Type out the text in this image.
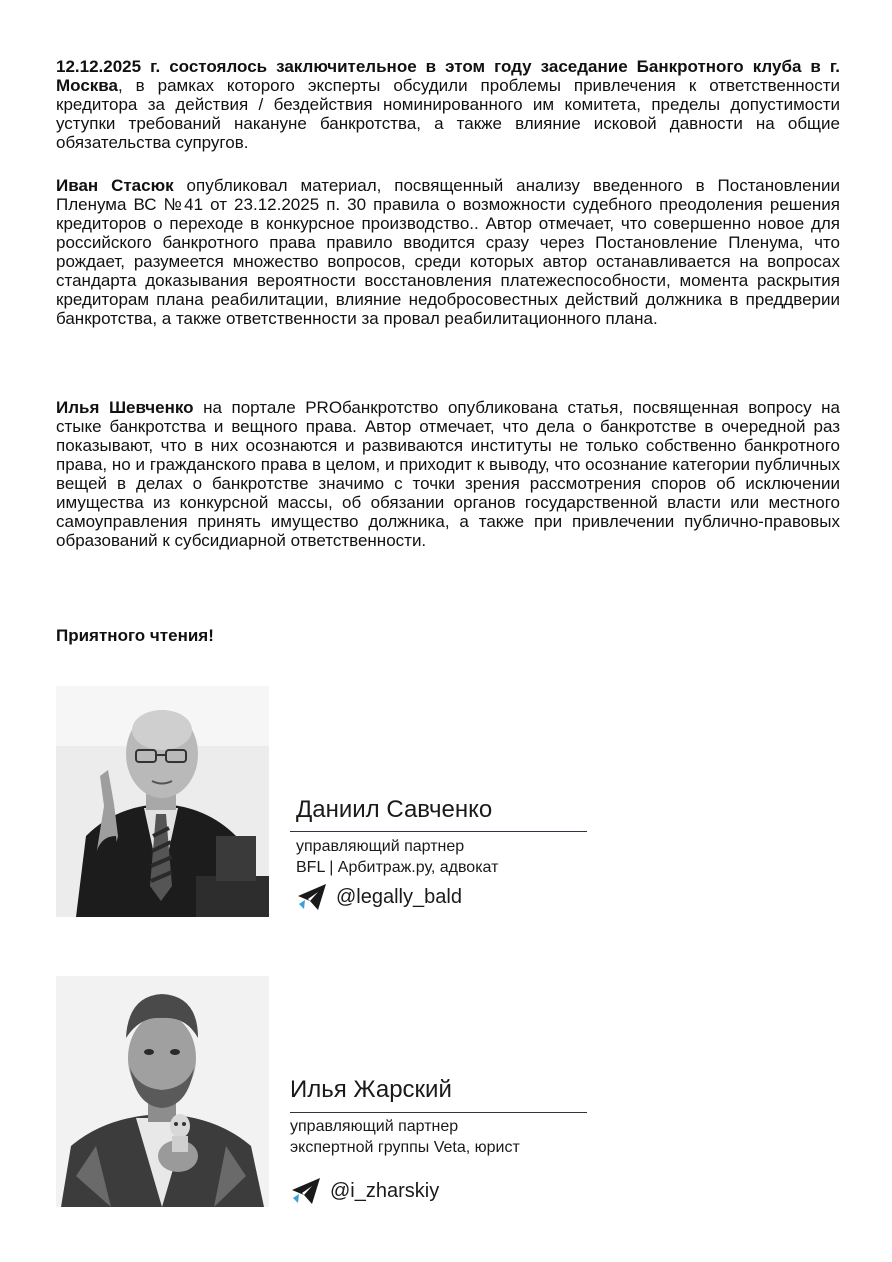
12.12.2025 г. состоялось заключительное в этом году заседание Банкротного клуба в г. Москва, в рамках которого эксперты обсудили проблемы привлечения к ответственности кредитора за действия / бездействия номинированного им комитета, пределы допустимости уступки требований накануне банкротства, а также влияние исковой давности на общие обязательства супругов.

Иван Стасюк опубликовал материал, посвященный анализу введенного в Постановлении Пленума ВС №41 от 23.12.2025 п. 30 правила о возможности судебного преодоления решения кредиторов о переходе в конкурсное производство.. Автор отмечает, что совершенно новое для российского банкротного права правило вводится сразу через Постановление Пленума, что рождает, разумеется множество вопросов, среди которых автор останавливается на вопросах стандарта доказывания вероятности восстановления платежеспособности, момента раскрытия кредиторам плана реабилитации, влияние недобросовестных действий должника в преддверии банкротства, а также ответственности за провал реабилитационного плана.

Илья Шевченко на портале PROбанкротство опубликована статья, посвященная вопросу на стыке банкротства и вещного права. Автор отмечает, что дела о банкротстве в очередной раз показывают, что в них осознаются и развиваются институты не только собственно банкротного права, но и гражданского права в целом, и приходит к выводу, что осознание категории публичных вещей в делах о банкротстве значимо с точки зрения рассмотрения споров об исключении имущества из конкурсной массы, об обязании органов государственной власти или местного самоуправления принять имущество должника, а также при привлечении публично-правовых образований к субсидиарной ответственности.

Приятного чтения!

Даниил Савченко

управляющий партнер
BFL | Арбитраж.ру, адвокат

@legally_bald

Илья Жарский

управляющий партнер
экспертной группы Veta, юрист

@i_zharskiy
